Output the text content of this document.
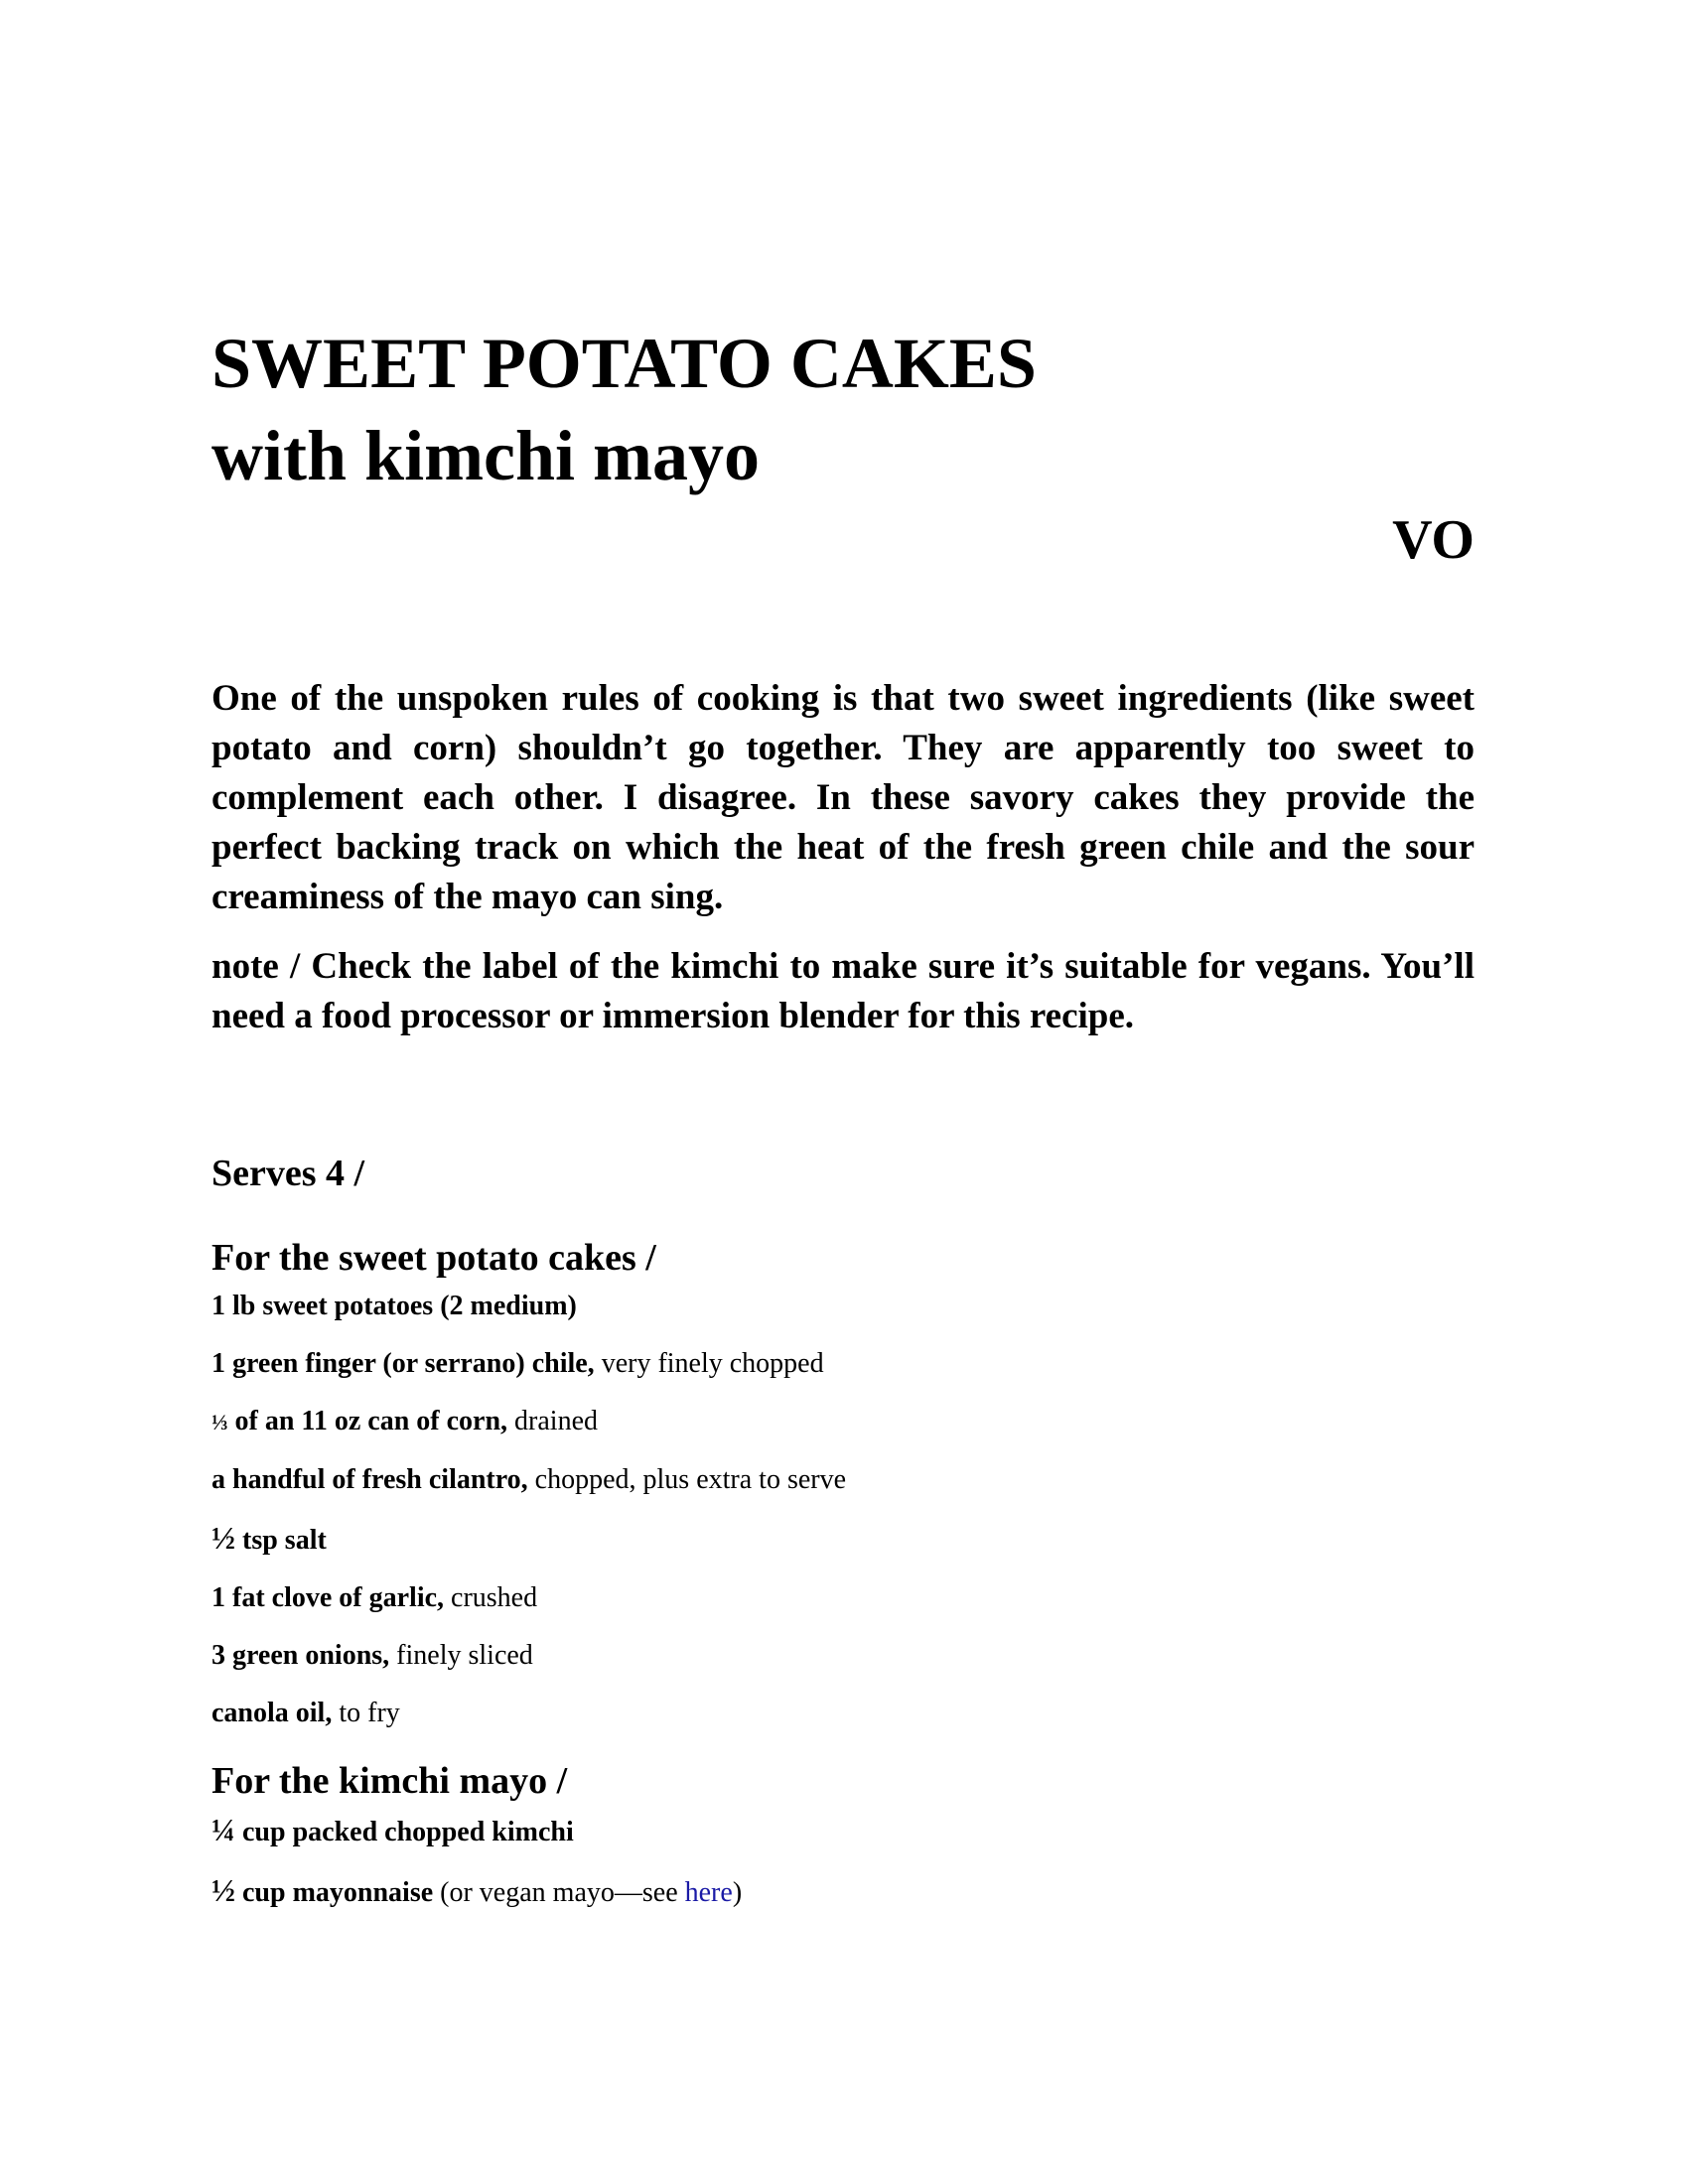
SWEET POTATO CAKES
with kimchi mayo
VO

One of the unspoken rules of cooking is that two sweet ingredients (like sweet potato and corn) shouldn’t go together. They are apparently too sweet to complement each other. I disagree. In these savory cakes they provide the perfect backing track on which the heat of the fresh green chile and the sour creaminess of the mayo can sing.

note / Check the label of the kimchi to make sure it’s suitable for vegans. You’ll need a food processor or immersion blender for this recipe.

Serves 4 /
For the sweet potato cakes /
1 lb sweet potatoes (2 medium)
1 green finger (or serrano) chile, very finely chopped
⅓ of an 11 oz can of corn, drained
a handful of fresh cilantro, chopped, plus extra to serve
½ tsp salt
1 fat clove of garlic, crushed
3 green onions, finely sliced
canola oil, to fry
For the kimchi mayo /
¼ cup packed chopped kimchi
½ cup mayonnaise (or vegan mayo—see here)
